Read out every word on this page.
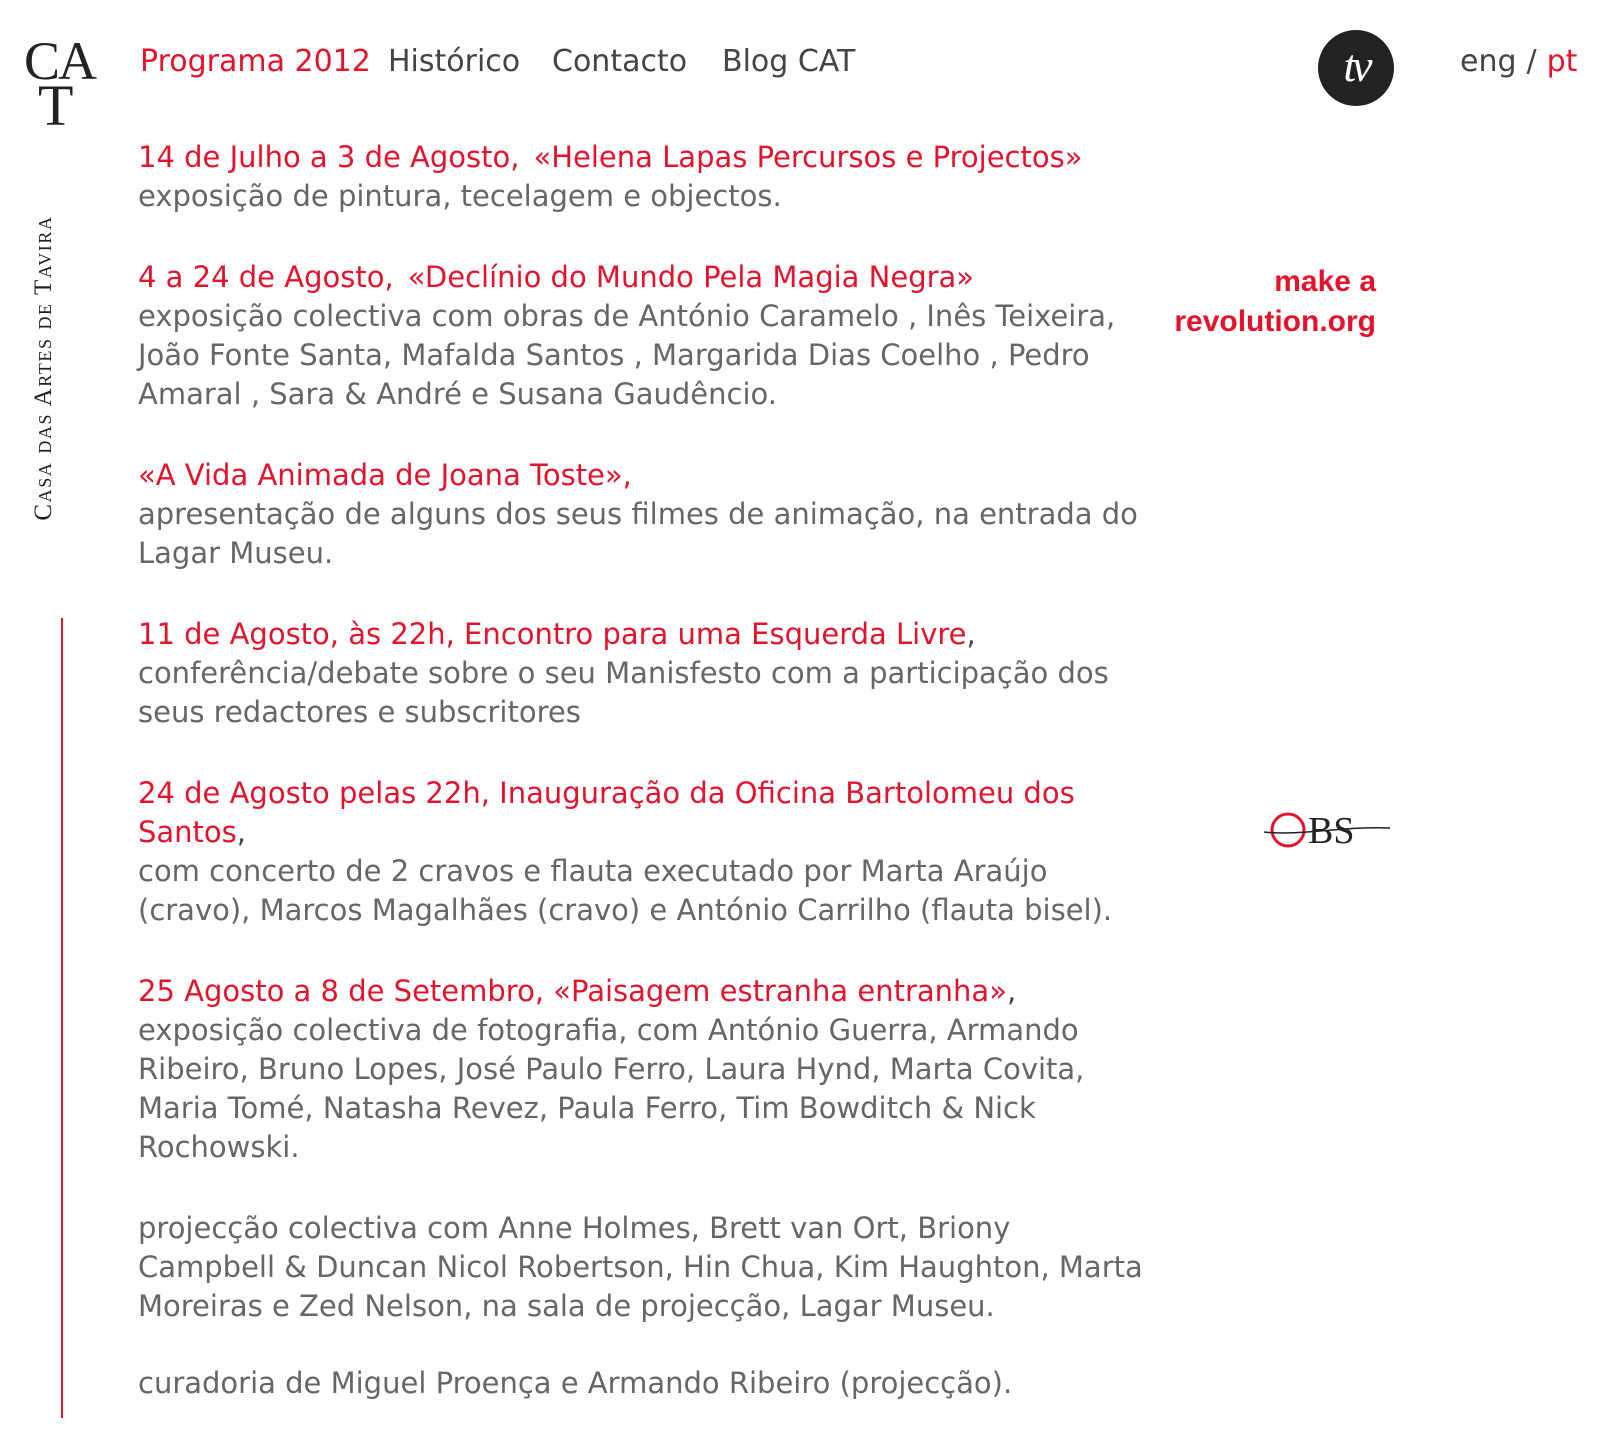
CA
T
Casa das Artes de Tavira
Programa 2012 Histórico Contacto Blog CAT	tv	eng / pt
14 de Julho a 3 de Agosto, «Helena Lapas Percursos e Projectos»
exposição de pintura, tecelagem e objectos.
4 a 24 de Agosto, «Declínio do Mundo Pela Magia Negra»
exposição colectiva com obras de António Caramelo , Inês Teixeira, João Fonte Santa, Mafalda Santos , Margarida Dias Coelho , Pedro Amaral , Sara & André e Susana Gaudêncio.
«A Vida Animada de Joana Toste»,
apresentação de alguns dos seus filmes de animação, na entrada do Lagar Museu.
11 de Agosto, às 22h, Encontro para uma Esquerda Livre,
conferência/debate sobre o seu Manisfesto com a participação dos seus redactores e subscritores
24 de Agosto pelas 22h, Inauguração da Oficina Bartolomeu dos Santos,
com concerto de 2 cravos e flauta executado por Marta Araújo (cravo), Marcos Magalhães (cravo) e António Carrilho (flauta bisel).
25 Agosto a 8 de Setembro, «Paisagem estranha entranha»,
exposição colectiva de fotografia, com António Guerra, Armando Ribeiro, Bruno Lopes, José Paulo Ferro, Laura Hynd, Marta Covita, Maria Tomé, Natasha Revez, Paula Ferro, Tim Bowditch & Nick Rochowski.
projecção colectiva com Anne Holmes, Brett van Ort, Briony Campbell & Duncan Nicol Robertson, Hin Chua, Kim Haughton, Marta Moreiras e Zed Nelson, na sala de projecção, Lagar Museu.
curadoria de Miguel Proença e Armando Ribeiro (projecção).
make a
revolution.org
BS
